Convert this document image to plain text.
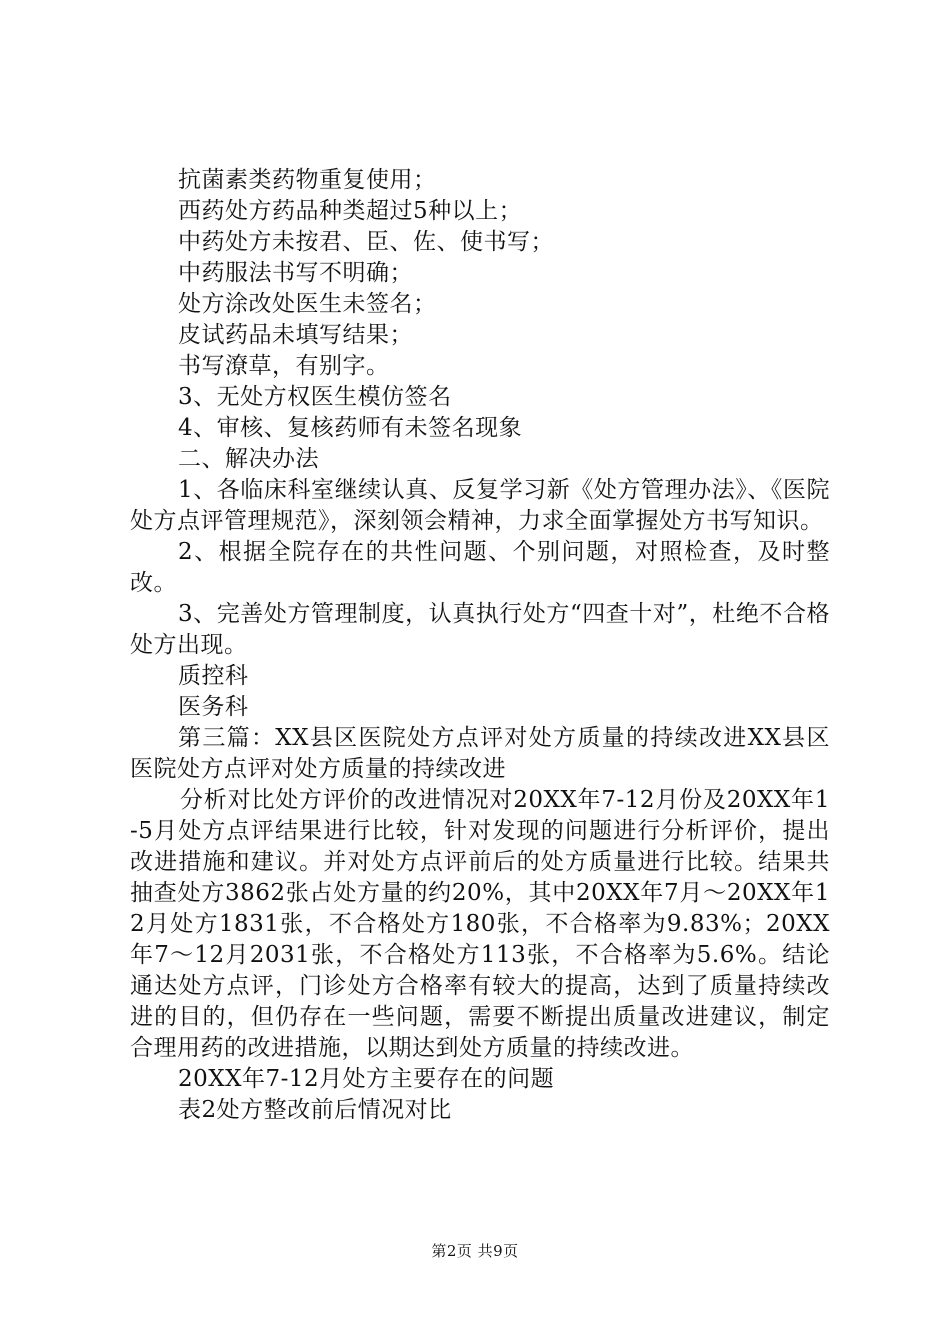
抗菌素类药物重复使用；
西药处方药品种类超过5种以上；
中药处方未按君、臣、佐、使书写；
中药服法书写不明确；
处方涂改处医生未签名；
皮试药品未填写结果；
书写潦草，有别字。
3、无处方权医生模仿签名
4、审核、复核药师有未签名现象
二、解决办法
1、各临床科室继续认真、反复学习新《处方管理办法》、《医院处方点评管理规范》，深刻领会精神，力求全面掌握处方书写知识。
2、根据全院存在的共性问题、个别问题，对照检查，及时整改。
3、完善处方管理制度，认真执行处方“四查十对”，杜绝不合格处方出现。
质控科
医务科
第三篇：XX县区医院处方点评对处方质量的持续改进XX县区医院处方点评对处方质量的持续改进
分析对比处方评价的改进情况对20XX年7-12月份及20XX年1-5月处方点评结果进行比较，针对发现的问题进行分析评价，提出改进措施和建议。并对处方点评前后的处方质量进行比较。结果共抽查处方3862张占处方量的约20%，其中20XX年7月～20XX年12月处方1831张，不合格处方180张，不合格率为9.83%；20XX年7～12月2031张，不合格处方113张，不合格率为5.6%。结论通达处方点评，门诊处方合格率有较大的提高，达到了质量持续改进的目的，但仍存在一些问题，需要不断提出质量改进建议，制定合理用药的改进措施，以期达到处方质量的持续改进。
20XX年7-12月处方主要存在的问题
表2处方整改前后情况对比
第2页 共9页
